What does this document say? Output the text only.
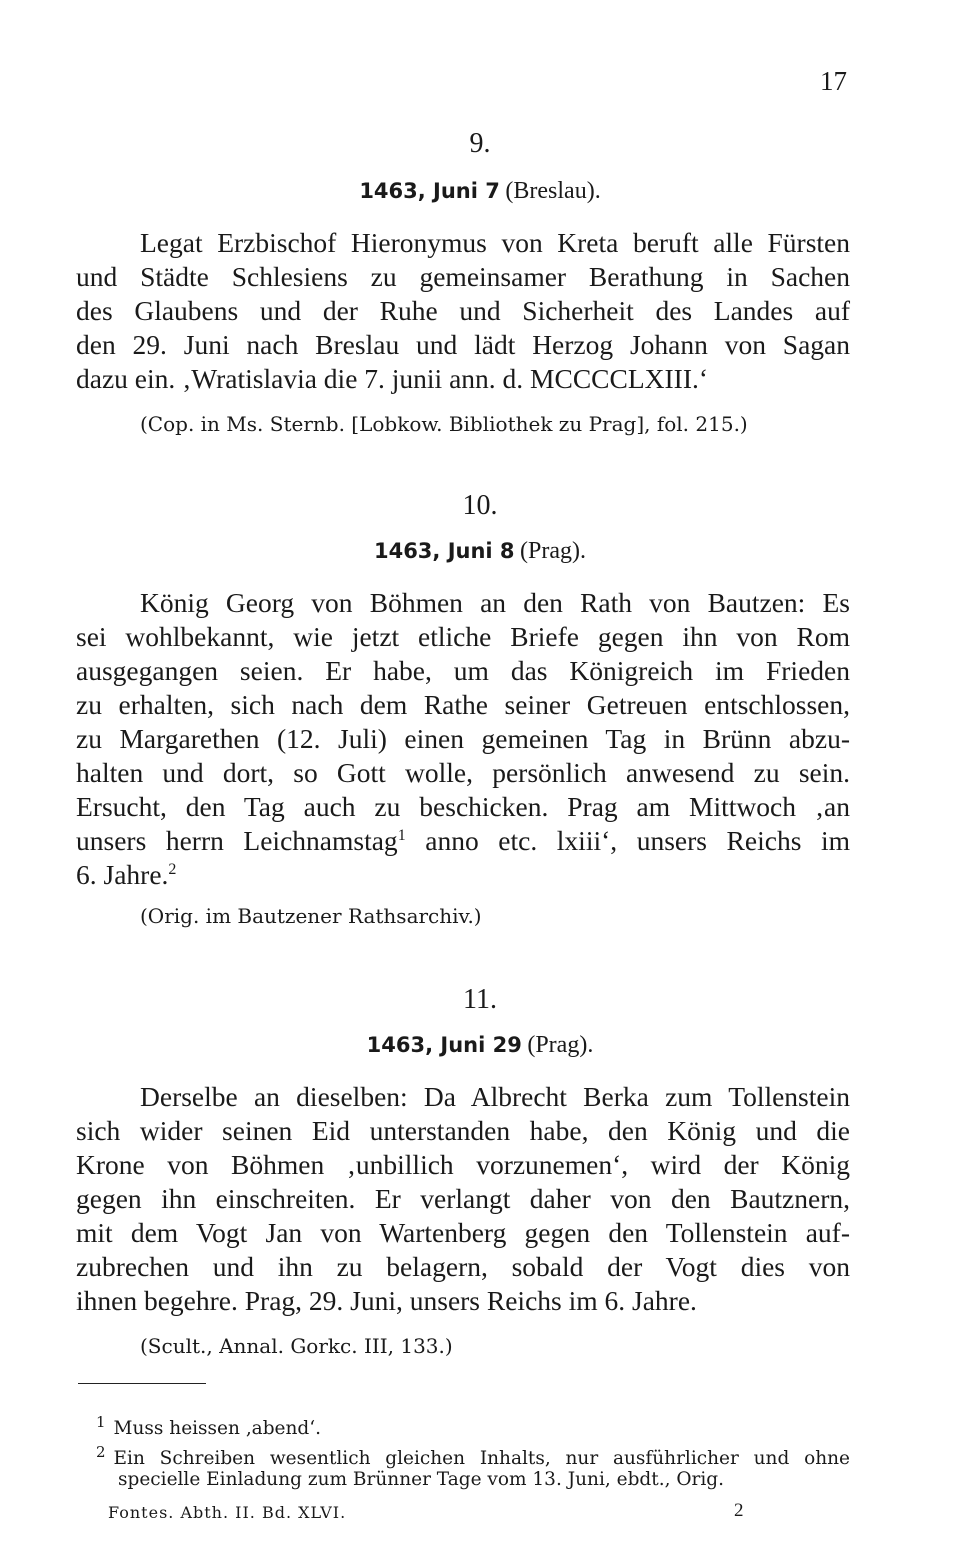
17
9.
1463, Juni 7 (Breslau).
Legat Erzbischof Hieronymus von Kreta beruft alle Fürsten
und Städte Schlesiens zu gemeinsamer Berathung in Sachen
des Glaubens und der Ruhe und Sicherheit des Landes auf
den 29. Juni nach Breslau und lädt Herzog Johann von Sagan
dazu ein. ‚Wratislavia die 7. junii ann. d. MCCCCLXIII.‘
(Cop. in Ms. Sternb. [Lobkow. Bibliothek zu Prag], fol. 215.)
10.
1463, Juni 8 (Prag).
König Georg von Böhmen an den Rath von Bautzen: Es
sei wohlbekannt, wie jetzt etliche Briefe gegen ihn von Rom
ausgegangen seien. Er habe, um das Königreich im Frieden
zu erhalten, sich nach dem Rathe seiner Getreuen entschlossen,
zu Margarethen (12. Juli) einen gemeinen Tag in Brünn abzu-
halten und dort, so Gott wolle, persönlich anwesend zu sein.
Ersucht, den Tag auch zu beschicken. Prag am Mittwoch ‚an
unsers herrn Leichnamstag$^1$ anno etc. lxiii‘, unsers Reichs im
6. Jahre.$^2$
(Orig. im Bautzener Rathsarchiv.)
11.
1463, Juni 29 (Prag).
Derselbe an dieselben: Da Albrecht Berka zum Tollenstein
sich wider seinen Eid unterstanden habe, den König und die
Krone von Böhmen ‚unbillich vorzunemen‘, wird der König
gegen ihn einschreiten. Er verlangt daher von den Bautznern,
mit dem Vogt Jan von Wartenberg gegen den Tollenstein auf-
zubrechen und ihn zu belagern, sobald der Vogt dies von
ihnen begehre. Prag, 29. Juni, unsers Reichs im 6. Jahre.
(Scult., Annal. Gorkc. III, 133.)
$^1$ Muss heissen ‚abend‘.
$^2$ Ein Schreiben wesentlich gleichen Inhalts, nur ausführlicher und ohne
specielle Einladung zum Brünner Tage vom 13. Juni, ebdt., Orig.
Fontes. Abth. II. Bd. XLVI.	2
